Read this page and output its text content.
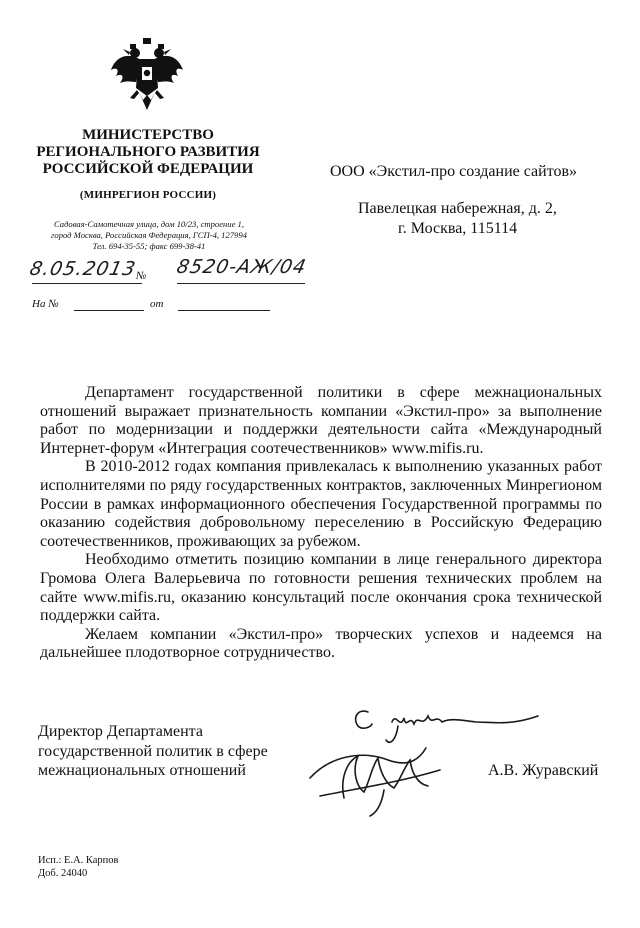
МИНИСТЕРСТВО
РЕГИОНАЛЬНОГО РАЗВИТИЯ
РОССИЙСКОЙ ФЕДЕРАЦИИ
(МИНРЕГИОН РОССИИ)
Садовая-Самотечная улица, дом 10/23, строение 1,
город Москва, Российская Федерация, ГСП-4, 127994
Тел. 694-35-55; факс 699-38-41
8.05.2013
№ 8520-АЖ/04
На №	от
ООО «Экстил-про создание сайтов»
Павелецкая набережная, д. 2,
г. Москва, 115114

Департамент государственной политики в сфере межнациональных отношений выражает признательность компании «Экстил-про» за выполнение работ по модернизации и поддержки деятельности сайта «Международный Интернет-форум «Интеграция соотечественников» www.mifis.ru.

В 2010-2012 годах компания привлекалась к выполнению указанных работ исполнителями по ряду государственных контрактов, заключенных Минрегионом России в рамках информационного обеспечения Государственной программы по оказанию содействия добровольному переселению в Российскую Федерацию соотечественников, проживающих за рубежом.

Необходимо отметить позицию компании в лице генерального директора Громова Олега Валерьевича по готовности решения технических проблем на сайте www.mifis.ru, оказанию консультаций после окончания срока технической поддержки сайта.

Желаем компании «Экстил-про» творческих успехов и надеемся на дальнейшее плодотворное сотрудничество.

Директор Департамента
государственной политик в сфере
межнациональных отношений	А.В. Журавский
Исп.: Е.А. Карпов
Доб. 24040
